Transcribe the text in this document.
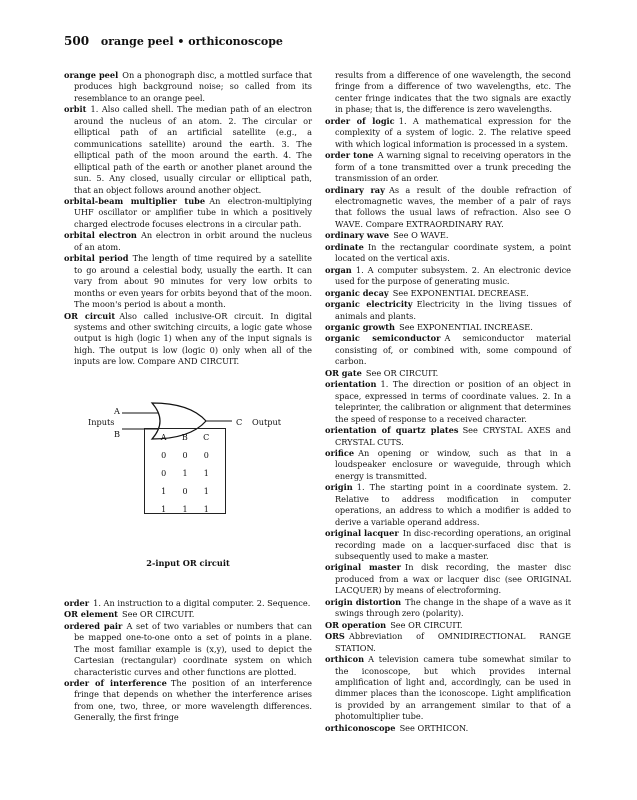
500 orange peel • orthiconoscope

orange peel  On a phonograph disc, a mottled surface that produces high background noise; so called from its resemblance to an orange peel.

orbit  1. Also called shell. The median path of an electron around the nucleus of an atom. 2. The circular or elliptical path of an artificial satellite (e.g., a communications satellite) around the earth. 3. The elliptical path of the moon around the earth. 4. The elliptical path of the earth or another planet around the sun. 5. Any closed, usually circular or elliptical path, that an object follows around another object.

orbital-beam multiplier tube  An electron-multiplying UHF oscillator or amplifier tube in which a positively charged electrode focuses electrons in a circular path.

orbital electron  An electron in orbit around the nucleus of an atom.

orbital period  The length of time required by a satellite to go around a celestial body, usually the earth. It can vary from about 90 minutes for very low orbits to months or even years for orbits beyond that of the moon. The moon's period is about a month.

OR circuit  Also called inclusive-OR circuit. In digital systems and other switching circuits, a logic gate whose output is high (logic 1) when any of the input signals is high. The output is low (logic 0) only when all of the inputs are low. Compare AND CIRCUIT.

A
B
Inputs	C Output
A B C
0 0 0
0 1 1
1 0 1
1 1 1
2-input OR circuit

order  1. An instruction to a digital computer. 2. Sequence.

OR element  See OR CIRCUIT.

ordered pair  A set of two variables or numbers that can be mapped one-to-one onto a set of points in a plane. The most familiar example is (x,y), used to depict the Cartesian (rectangular) coordinate system on which characteristic curves and other functions are plotted.

order of interference  The position of an interference fringe that depends on whether the interference arises from one, two, three, or more wavelength differences. Generally, the first fringe

results from a difference of one wavelength, the second fringe from a difference of two wavelengths, etc. The center fringe indicates that the two signals are exactly in phase; that is, the difference is zero wavelengths.

order of logic  1. A mathematical expression for the complexity of a system of logic. 2. The relative speed with which logical information is processed in a system.

order tone  A warning signal to receiving operators in the form of a tone transmitted over a trunk preceding the transmission of an order.

ordinary ray  As a result of the double refraction of electromagnetic waves, the member of a pair of rays that follows the usual laws of refraction. Also see O WAVE. Compare EXTRAORDINARY RAY.

ordinary wave  See O WAVE.

ordinate  In the rectangular coordinate system, a point located on the vertical axis.

organ  1. A computer subsystem. 2. An electronic device used for the purpose of generating music.

organic decay  See EXPONENTIAL DECREASE.

organic electricity  Electricity in the living tissues of animals and plants.

organic growth  See EXPONENTIAL INCREASE.

organic semiconductor  A semiconductor material consisting of, or combined with, some compound of carbon.

OR gate  See OR CIRCUIT.

orientation  1. The direction or position of an object in space, expressed in terms of coordinate values. 2. In a teleprinter, the calibration or alignment that determines the speed of response to a received character.

orientation of quartz plates  See CRYSTAL AXES and CRYSTAL CUTS.

orifice  An opening or window, such as that in a loudspeaker enclosure or waveguide, through which energy is transmitted.

origin  1. The starting point in a coordinate system. 2. Relative to address modification in computer operations, an address to which a modifier is added to derive a variable operand address.

original lacquer  In disc-recording operations, an original recording made on a lacquer-surfaced disc that is subsequently used to make a master.

original master  In disk recording, the master disc produced from a wax or lacquer disc (see ORIGINAL LACQUER) by means of electroforming.

origin distortion  The change in the shape of a wave as it swings through zero (polarity).

OR operation  See OR CIRCUIT.

ORS  Abbreviation of OMNIDIRECTIONAL RANGE STATION.

orthicon  A television camera tube somewhat similar to the iconoscope, but which provides internal amplification of light and, accordingly, can be used in dimmer places than the iconoscope. Light amplification is provided by an arrangement similar to that of a photomultiplier tube.

orthiconoscope  See ORTHICON.
